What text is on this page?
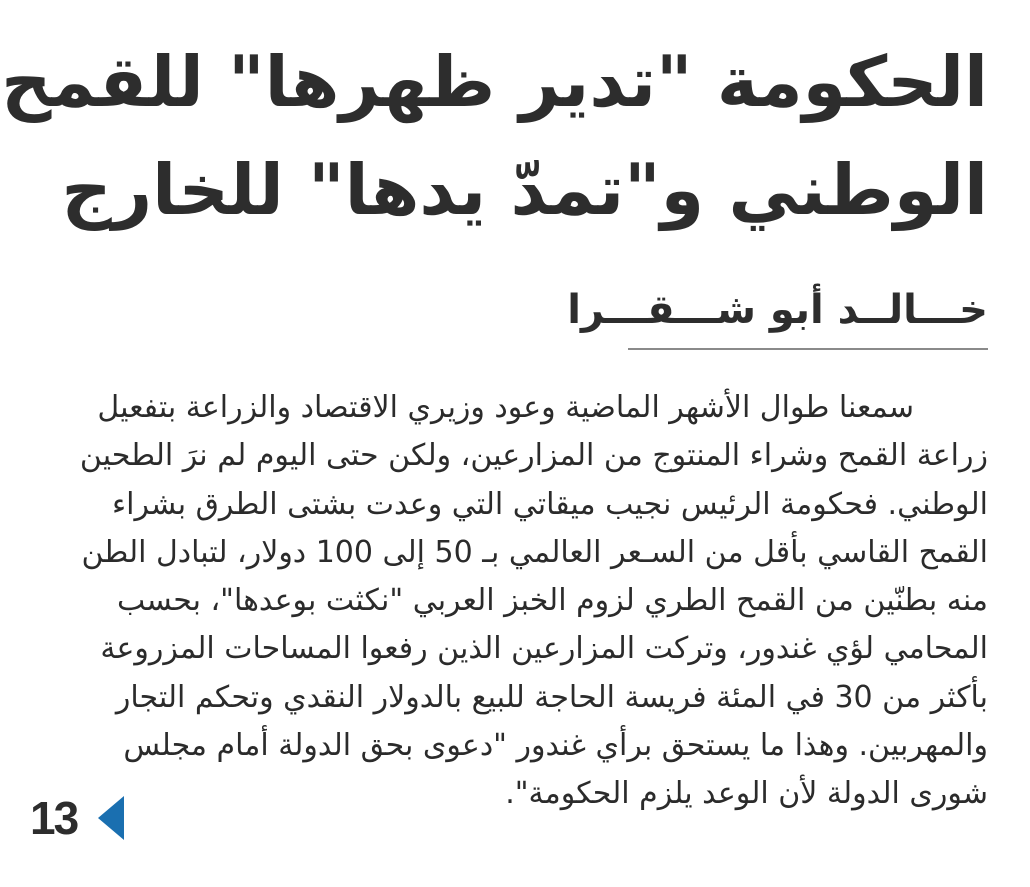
الحكومة "تدير ظهرها" للقمح
الوطني و"تمدّ يدها" للخارج
خـــالــد أبو شـــقـــرا
سمعنا طوال الأشهر الماضية وعود وزيري الاقتصاد والزراعة بتفعيل
زراعة القمح وشراء المنتوج من المزارعين، ولكن حتى اليوم لم نرَ الطحين
الوطني. فحكومة الرئيس نجيب ميقاتي التي وعدت بشتى الطرق بشراء
القمح القاسي بأقل من السـعر العالمي بـ 50 إلى 100 دولار، لتبادل الطن
منه بطنّين من القمح الطري لزوم الخبز العربي "نكثت بوعدها"، بحسب
المحامي لؤي غندور، وتركت المزارعين الذين رفعوا المساحات المزروعة
بأكثر من 30 في المئة فريسة الحاجة للبيع بالدولار النقدي وتحكم التجار
والمهربين. وهذا ما يستحق برأي غندور "دعوى بحق الدولة أمام مجلس
شورى الدولة لأن الوعد يلزم الحكومة".
13
